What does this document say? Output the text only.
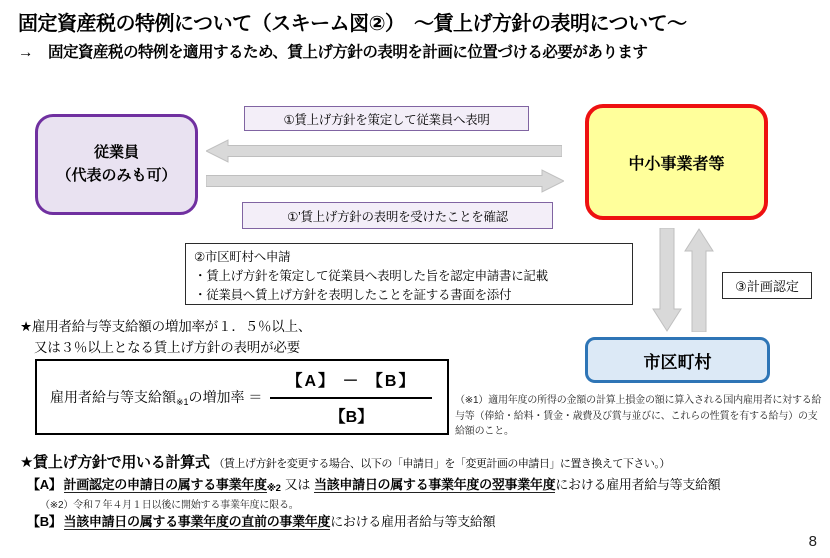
固定資産税の特例について（スキーム図②）　～賃上げ方針の表明について～
→　固定資産税の特例を適用するため、賃上げ方針の表明を計画に位置づける必要があります
従業員
（代表のみも可）
中小事業者等
①賃上げ方針を策定して従業員へ表明
①’賃上げ方針の表明を受けたことを確認
②市区町村へ申請
・賃上げ方針を策定して従業員へ表明した旨を認定申請書に記載
・従業員へ賃上げ方針を表明したことを証する書面を添付
③計画認定
市区町村
★雇用者給与等支給額の増加率が１．５％以上、
又は３％以上となる賃上げ方針の表明が必要
雇用者給与等支給額$_{※1}$の増加率 ＝ $\frac{【A】 - 【B】}{【B】}$ （※1）適用年度の所得の金額の計算上損金の額に算入される国内雇用者に対する給与等（俸給・給料・賃金・歳費及び賞与並びに、これらの性質を有する給与）の支給額のこと。
★賃上げ方針で用いる計算式 （賃上げ方針を変更する場合、以下の「申請日」を「変更計画の申請日」に置き換えて下さい。）
【A】 計画認定の申請日の属する事業年度※2 又は 当該申請日の属する事業年度の翌事業年度における雇用者給与等支給額
（※2）令和７年４月１日以後に開始する事業年度に限る。
【B】 当該申請日の属する事業年度の直前の事業年度における雇用者給与等支給額
8
